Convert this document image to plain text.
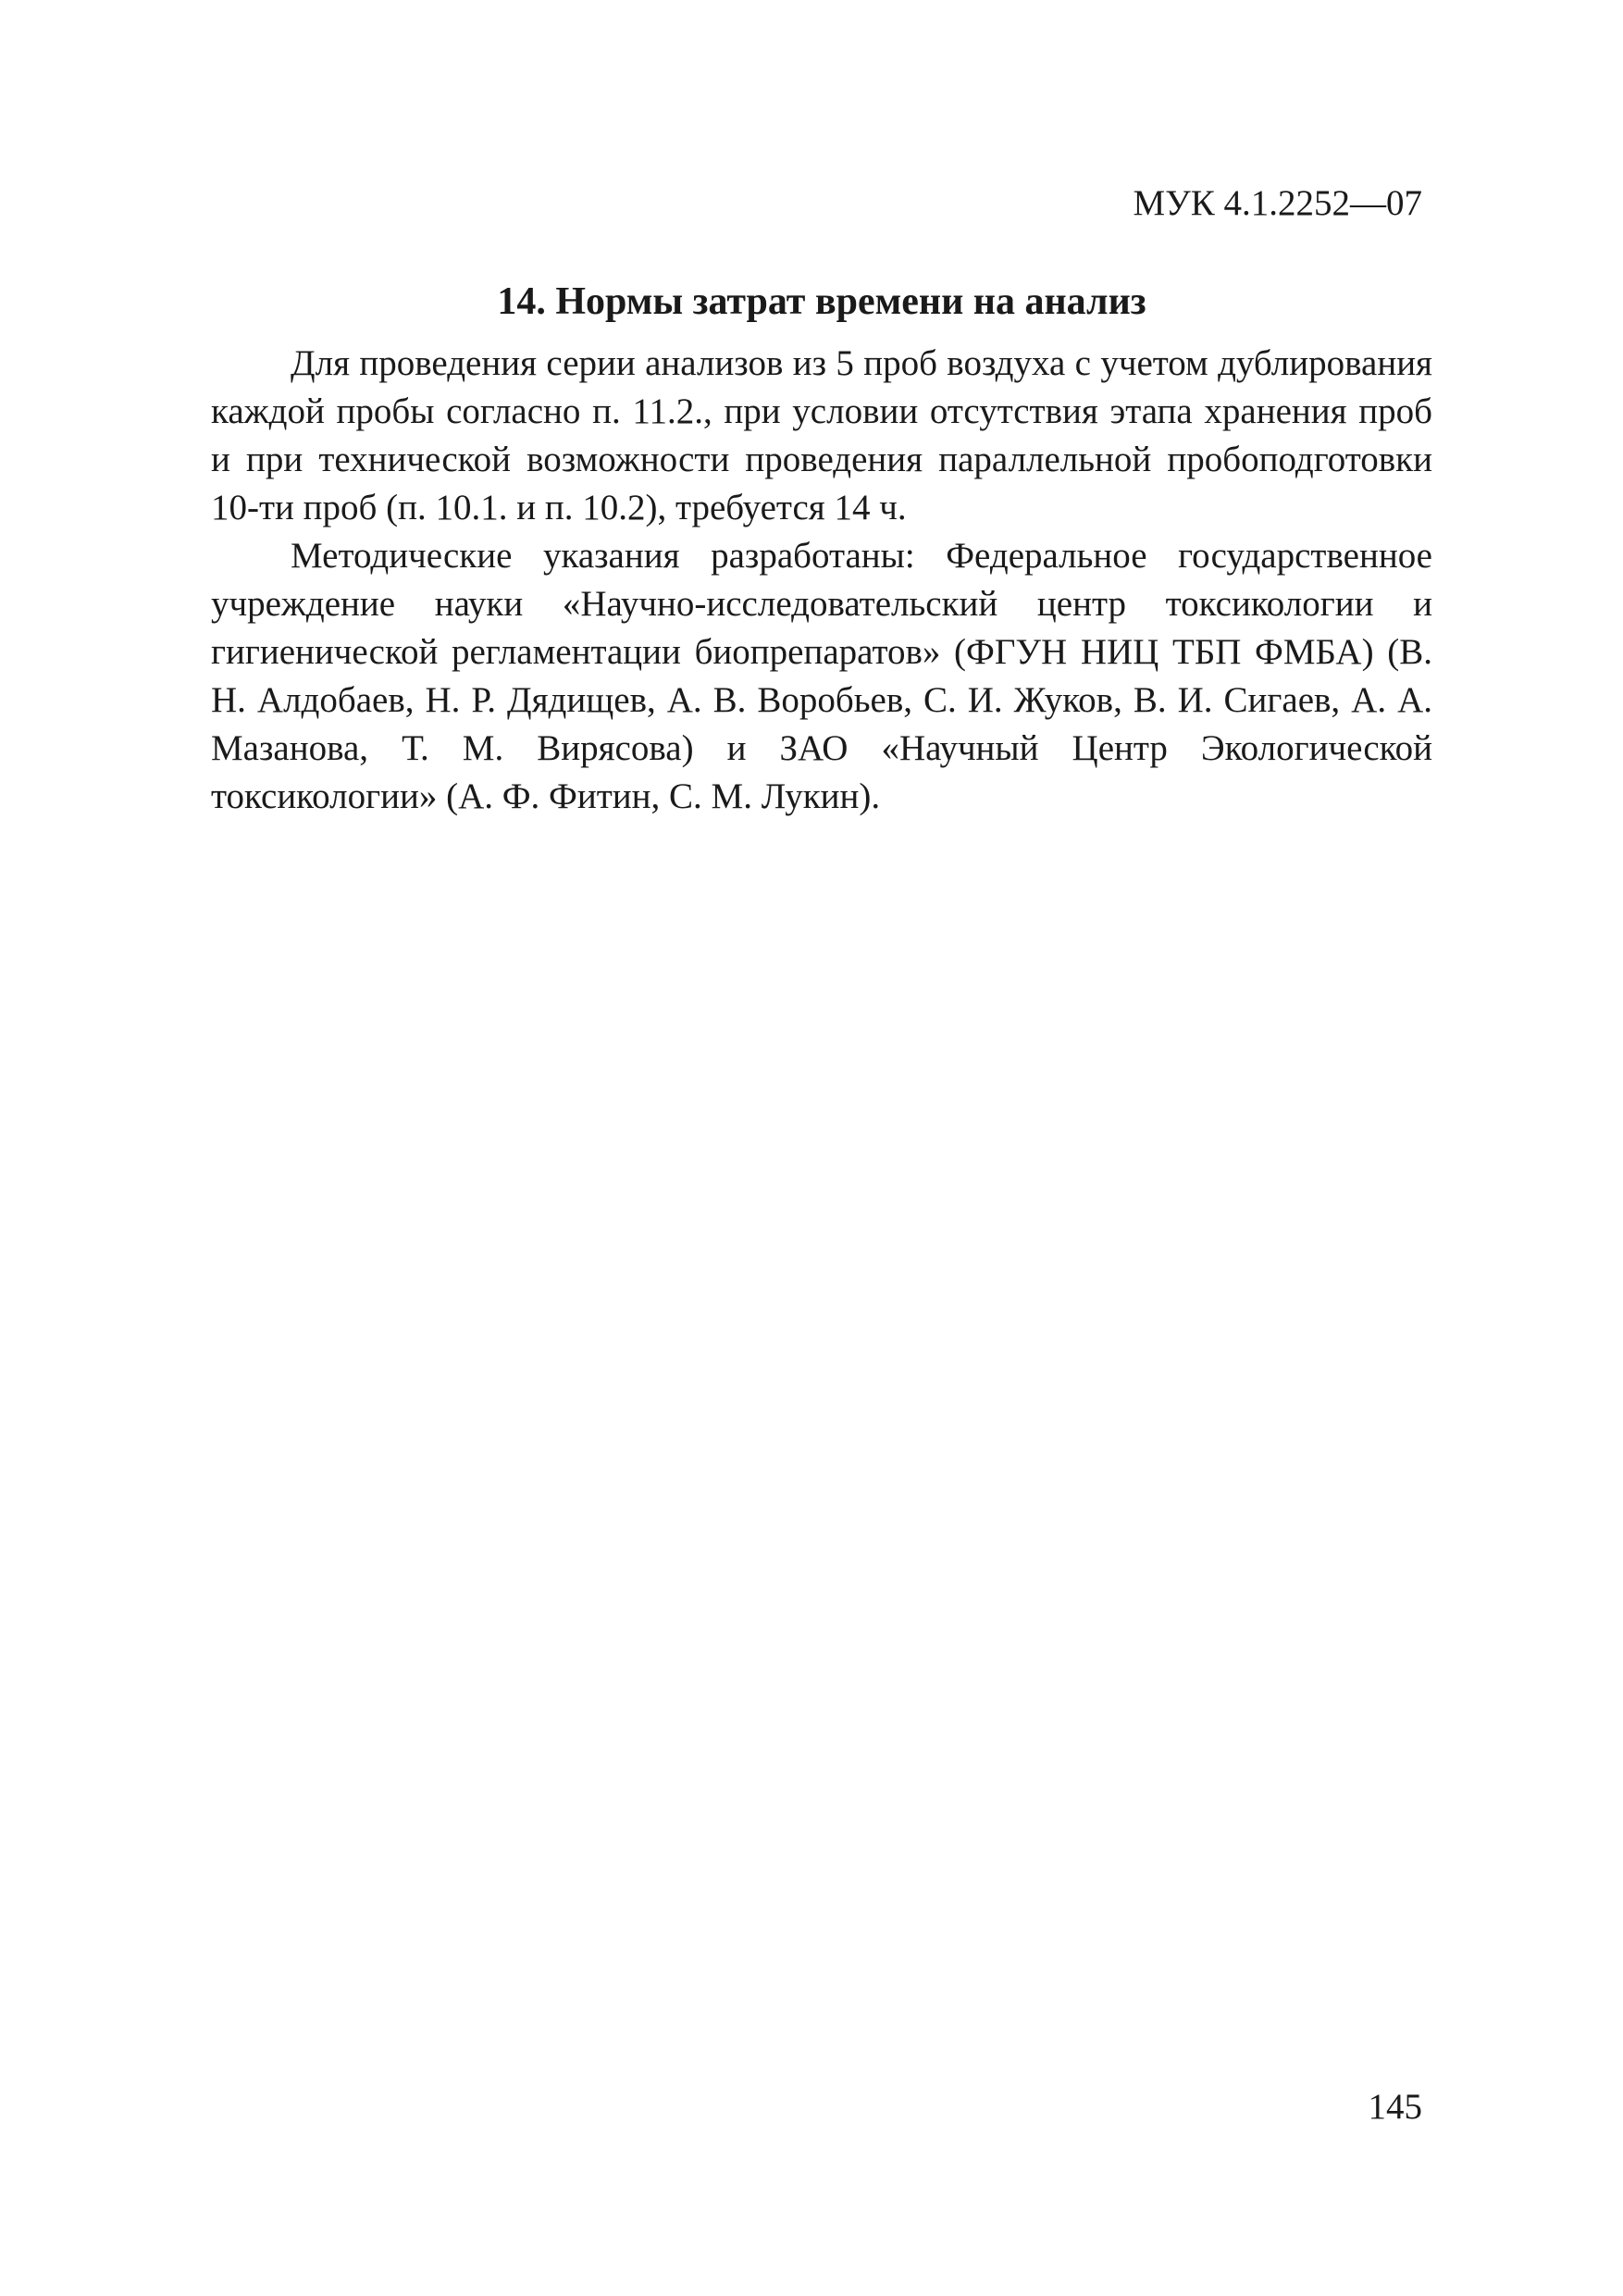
МУК 4.1.2252—07
14. Нормы затрат времени на анализ

Для проведения серии анализов из 5 проб воздуха с учетом дублирования каждой пробы согласно п. 11.2., при условии отсутствия этапа хранения проб и при технической возможности проведения параллельной пробоподготовки 10-ти проб (п. 10.1. и п. 10.2), требуется 14 ч.

Методические указания разработаны: Федеральное государственное учреждение науки «Научно-исследовательский центр токсикологии и гигиенической регламентации биопрепаратов» (ФГУН НИЦ ТБП ФМБА) (В. Н. Алдобаев, Н. Р. Дядищев, А. В. Воробьев, С. И. Жуков, В. И. Сигаев, А. А. Мазанова, Т. М. Вирясова) и ЗАО «Научный Центр Экологической токсикологии» (А. Ф. Фитин, С. М. Лукин).

145
